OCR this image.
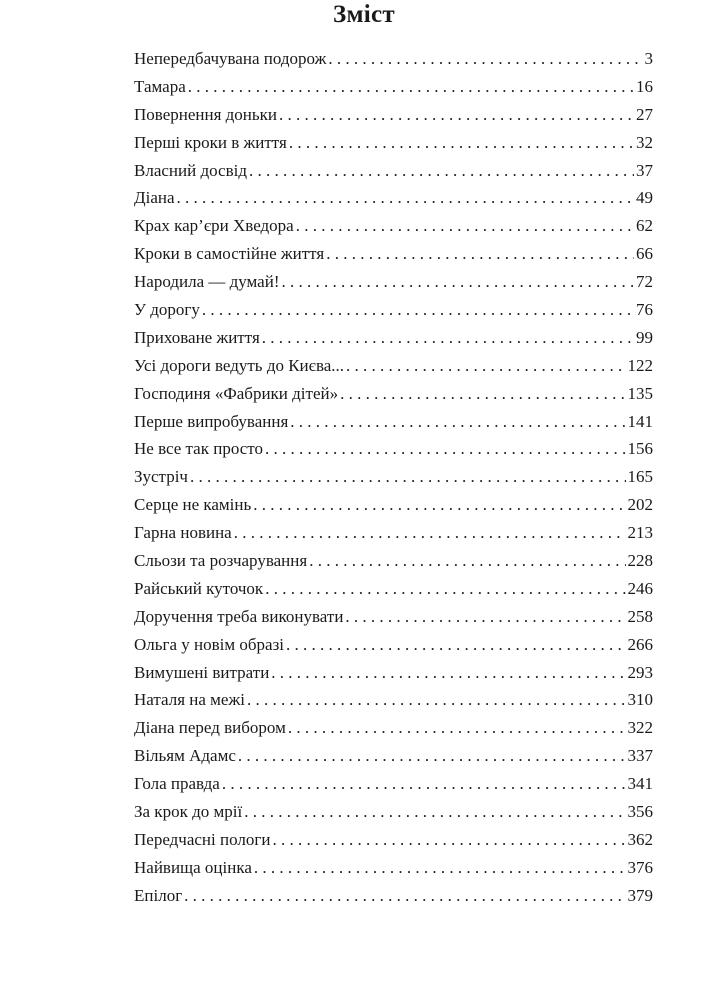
Зміст
Непередбачувана подорож . . .	3
Тамара . . .	16
Повернення доньки . . .	27
Перші кроки в життя . . .	32
Власний досвід . . .	37
Діана . . .	49
Крах кар’єри Хведора . . .	62
Кроки в самостійне життя . . .	66
Народила — думай! . . .	72
У дорогу . . .	76
Приховане життя . . .	99
Усі дороги ведуть до Києва... . . .	122
Господиня «Фабрики дітей» . . .	135
Перше випробування . . .	141
Не все так просто . . .	156
Зустріч . . .	165
Серце не камінь . . .	202
Гарна новина . . .	213
Сльози та розчарування . . .	228
Райський куточок . . .	246
Доручення треба виконувати . . .	258
Ольга у новім образі . . .	266
Вимушені витрати . . .	293
Наталя на межі . . .	310
Діана перед вибором . . .	322
Вільям Адамс . . .	337
Гола правда . . .	341
За крок до мрії . . .	356
Передчасні пологи . . .	362
Найвища оцінка . . .	376
Епілог . . .	379
